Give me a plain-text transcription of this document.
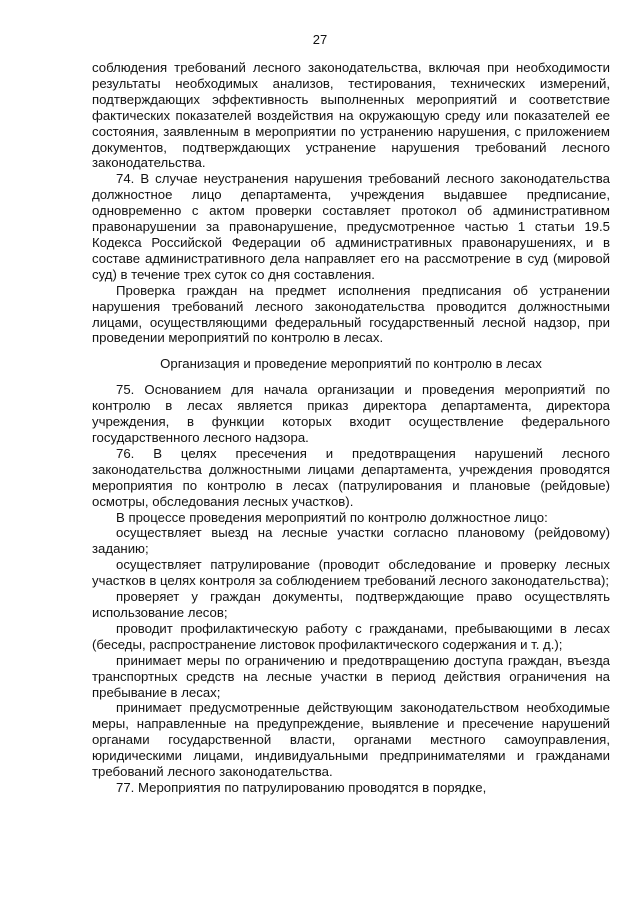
27

соблюдения требований лесного законодательства, включая при необходимости результаты необходимых анализов, тестирования, технических измерений, подтверждающих эффективность выполненных мероприятий и соответствие фактических показателей воздействия на окружающую среду или показателей ее состояния, заявленным в мероприятии по устранению нарушения, с приложением документов, подтверждающих устранение нарушения требований лесного законодательства.

74. В случае неустранения нарушения требований лесного законодательства должностное лицо департамента, учреждения выдавшее предписание, одновременно с актом проверки составляет протокол об административном правонарушении за правонарушение, предусмотренное частью 1 статьи 19.5 Кодекса Российской Федерации об административных правонарушениях, и в составе административного дела направляет его на рассмотрение в суд (мировой суд) в течение трех суток со дня составления.

Проверка граждан на предмет исполнения предписания об устранении нарушения требований лесного законодательства проводится должностными лицами, осуществляющими федеральный государственный лесной надзор, при проведении мероприятий по контролю в лесах.

Организация и проведение мероприятий по контролю в лесах

75. Основанием для начала организации и проведения мероприятий по контролю в лесах является приказ директора департамента, директора учреждения, в функции которых входит осуществление федерального государственного лесного надзора.

76. В целях пресечения и предотвращения нарушений лесного законодательства должностными лицами департамента, учреждения проводятся мероприятия по контролю в лесах (патрулирования и плановые (рейдовые) осмотры, обследования лесных участков).

В процессе проведения мероприятий по контролю должностное лицо:

осуществляет выезд на лесные участки согласно плановому (рейдовому) заданию;

осуществляет патрулирование (проводит обследование и проверку лесных участков в целях контроля за соблюдением требований лесного законодательства);

проверяет у граждан документы, подтверждающие право осуществлять использование лесов;

проводит профилактическую работу с гражданами, пребывающими в лесах (беседы, распространение листовок профилактического содержания и т. д.);

принимает меры по ограничению и предотвращению доступа граждан, въезда транспортных средств на лесные участки в период действия ограничения на пребывание в лесах;

принимает предусмотренные действующим законодательством необходимые меры, направленные на предупреждение, выявление и пресечение нарушений органами государственной власти, органами местного самоуправления, юридическими лицами, индивидуальными предпринимателями и гражданами требований лесного законодательства.

77. Мероприятия по патрулированию проводятся в порядке,
